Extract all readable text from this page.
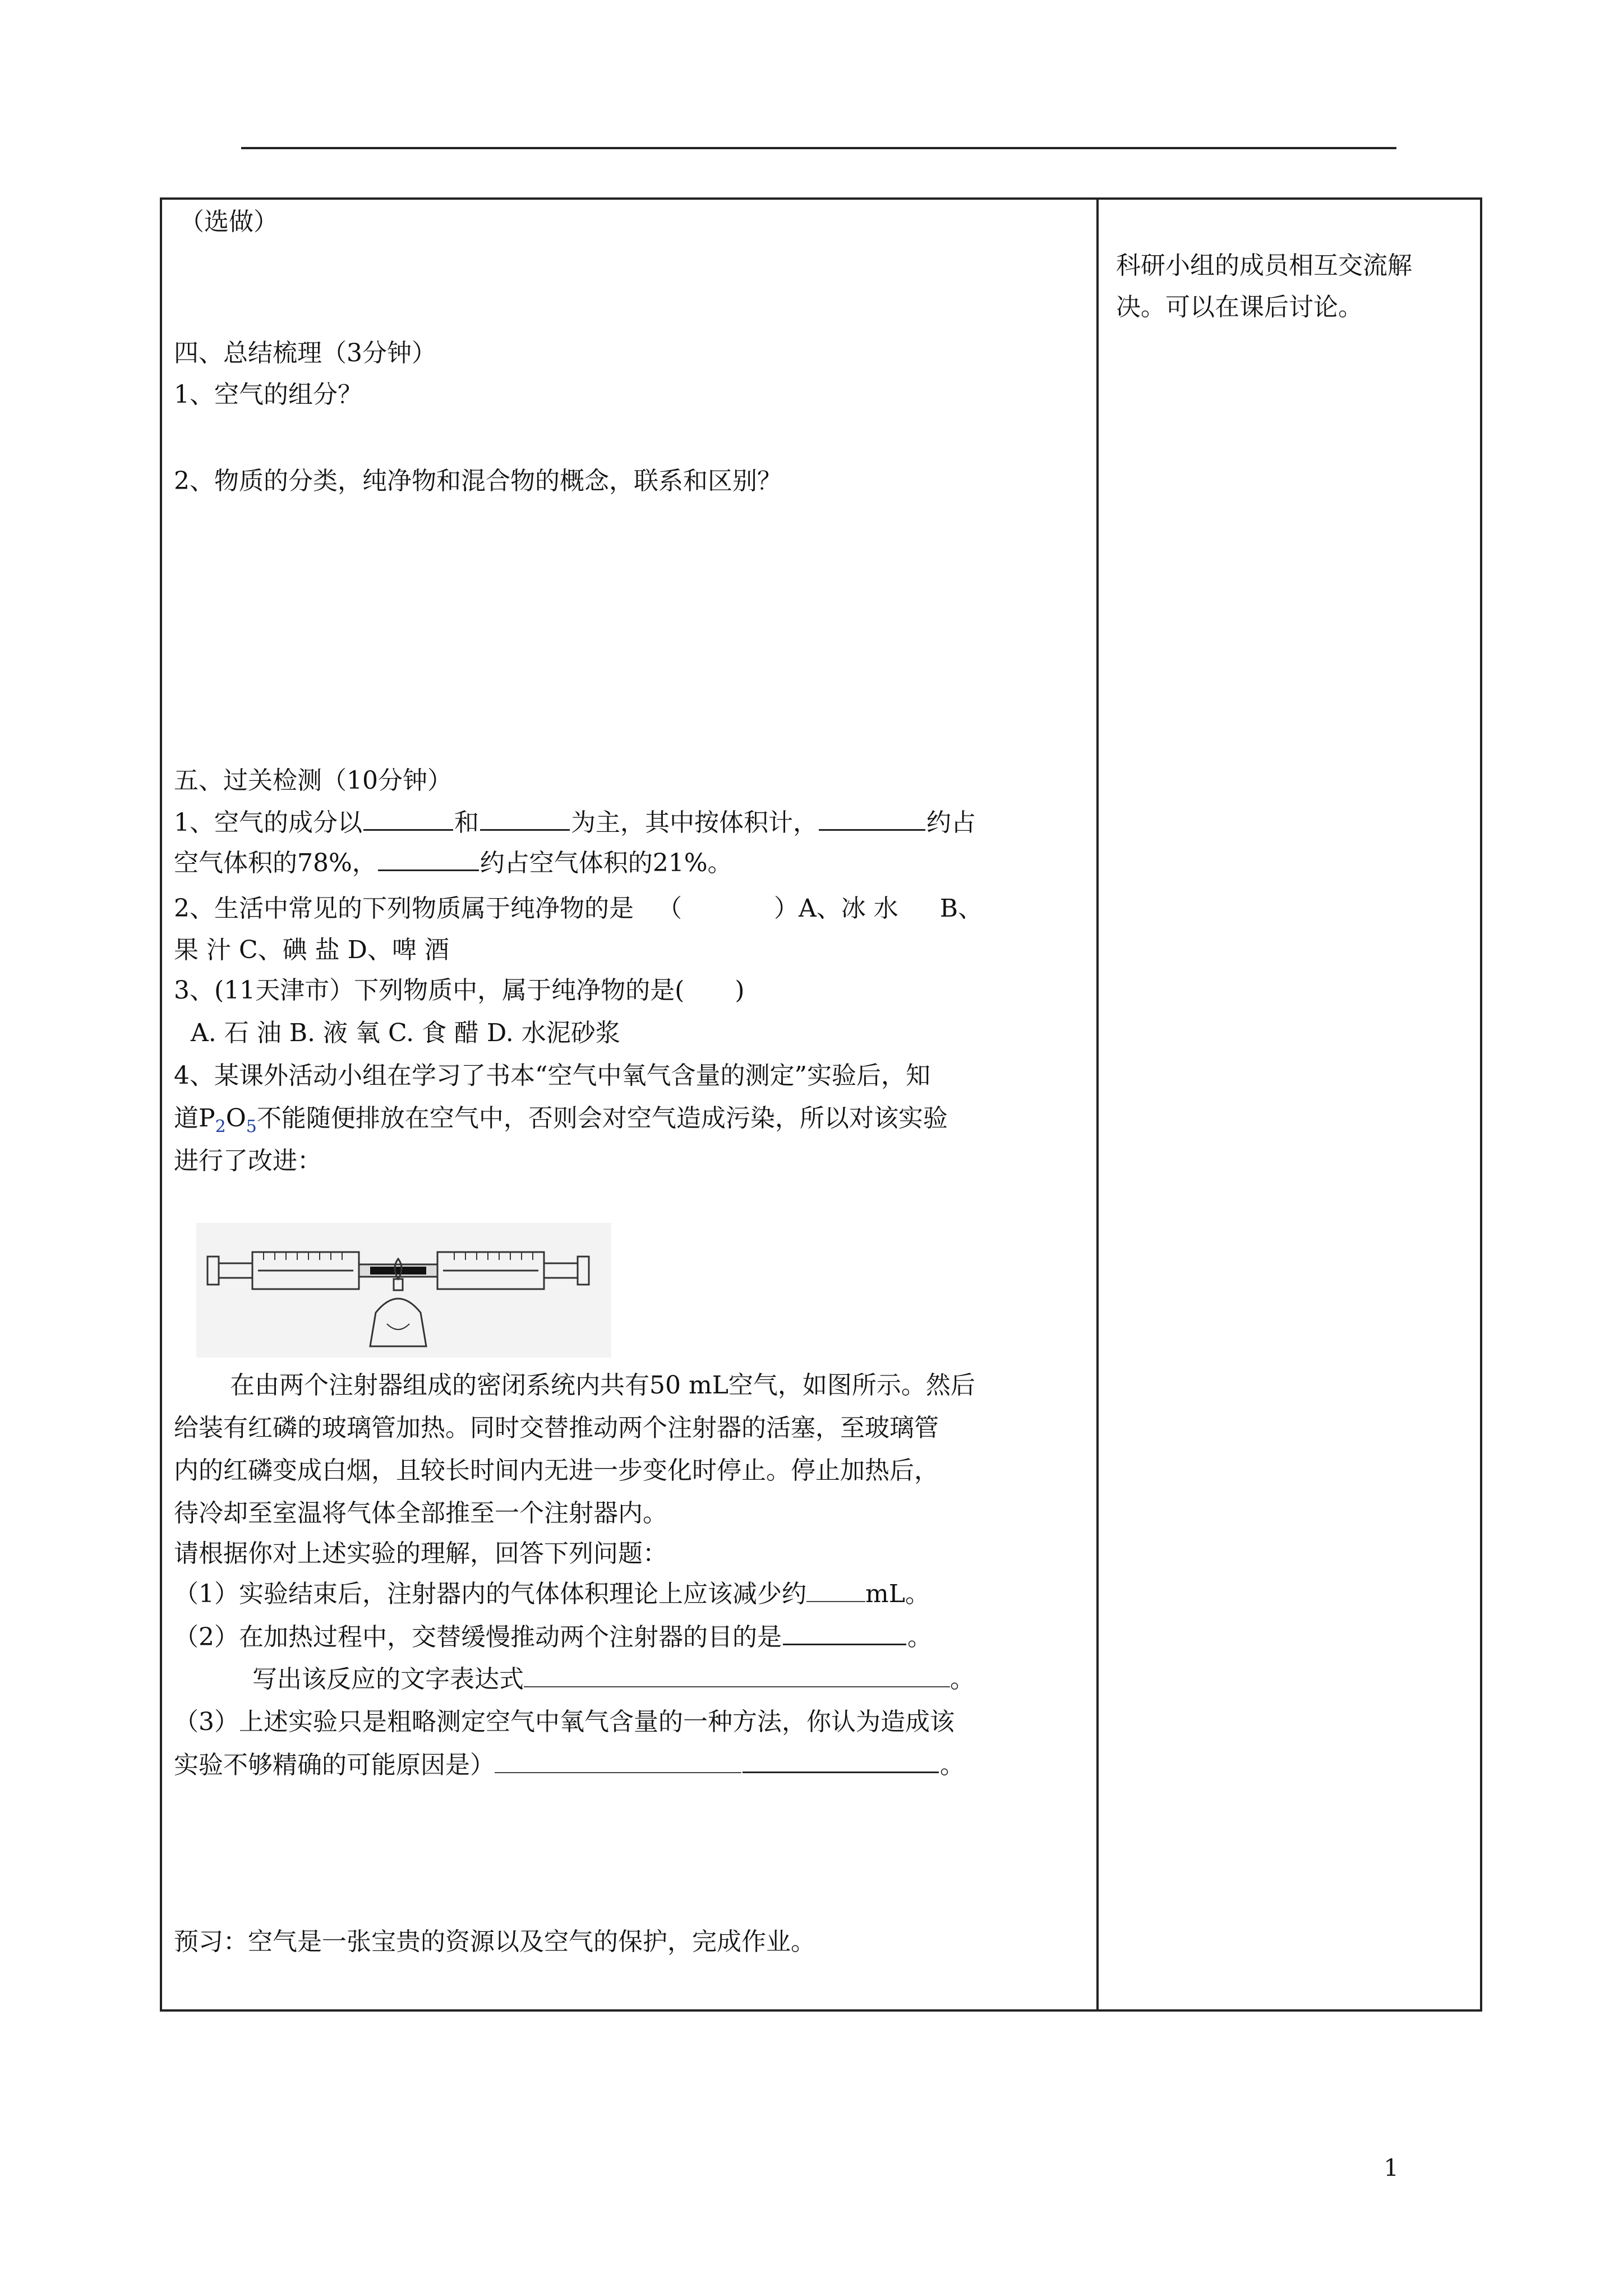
（选做）
四、总结梳理（3分钟）
1、空气的组分？
2、物质的分类，纯净物和混合物的概念，联系和区别？
五、过关检测（10分钟）
1、空气的成分以	和	为主，其中按体积计，	约占
空气体积的78%，	约占空气体积的21%。
2、生活中常见的下列物质属于纯净物的是 （	）A、冰 水 B、
果 汁 C、碘 盐 D、啤 酒
3、(11天津市）下列物质中，属于纯净物的是( )
A. 石 油 B. 液 氧 C. 食 醋 D. 水泥砂浆
4、某课外活动小组在学习了书本“空气中氧气含量的测定”实验后，知
道$P_2O_5$不能随便排放在空气中，否则会对空气造成污染，所以对该实验
进行了改进：
在由两个注射器组成的密闭系统内共有50 mL空气，如图所示。然后
给装有红磷的玻璃管加热。同时交替推动两个注射器的活塞，至玻璃管
内的红磷变成白烟，且较长时间内无进一步变化时停止。停止加热后，
待冷却至室温将气体全部推至一个注射器内。
请根据你对上述实验的理解，回答下列问题：
（1）实验结束后，注射器内的气体体积理论上应该减少约 mL。
（2）在加热过程中，交替缓慢推动两个注射器的目的是	。
写出该反应的文字表达式	。
（3）上述实验只是粗略测定空气中氧气含量的一种方法，你认为造成该
实验不够精确的可能原因是）	。
预习：空气是一张宝贵的资源以及空气的保护，完成作业。
科研小组的成员相互交流解
决。可以在课后讨论。
1
